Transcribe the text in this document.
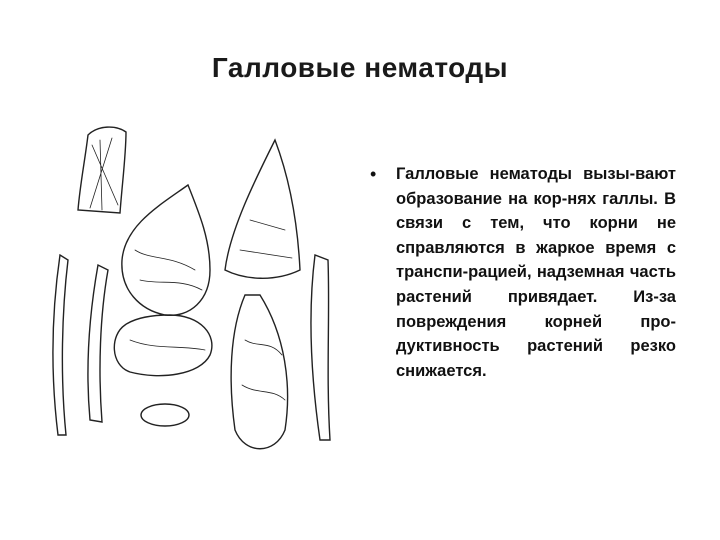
Галловые нематоды
•	Галловые нематоды вызы-вают образование на кор-нях галлы. В связи с тем, что корни не справляются в жаркое время с транспи-рацией, надземная часть растений привядает. Из-за повреждения корней про-дуктивность растений резко снижается.
